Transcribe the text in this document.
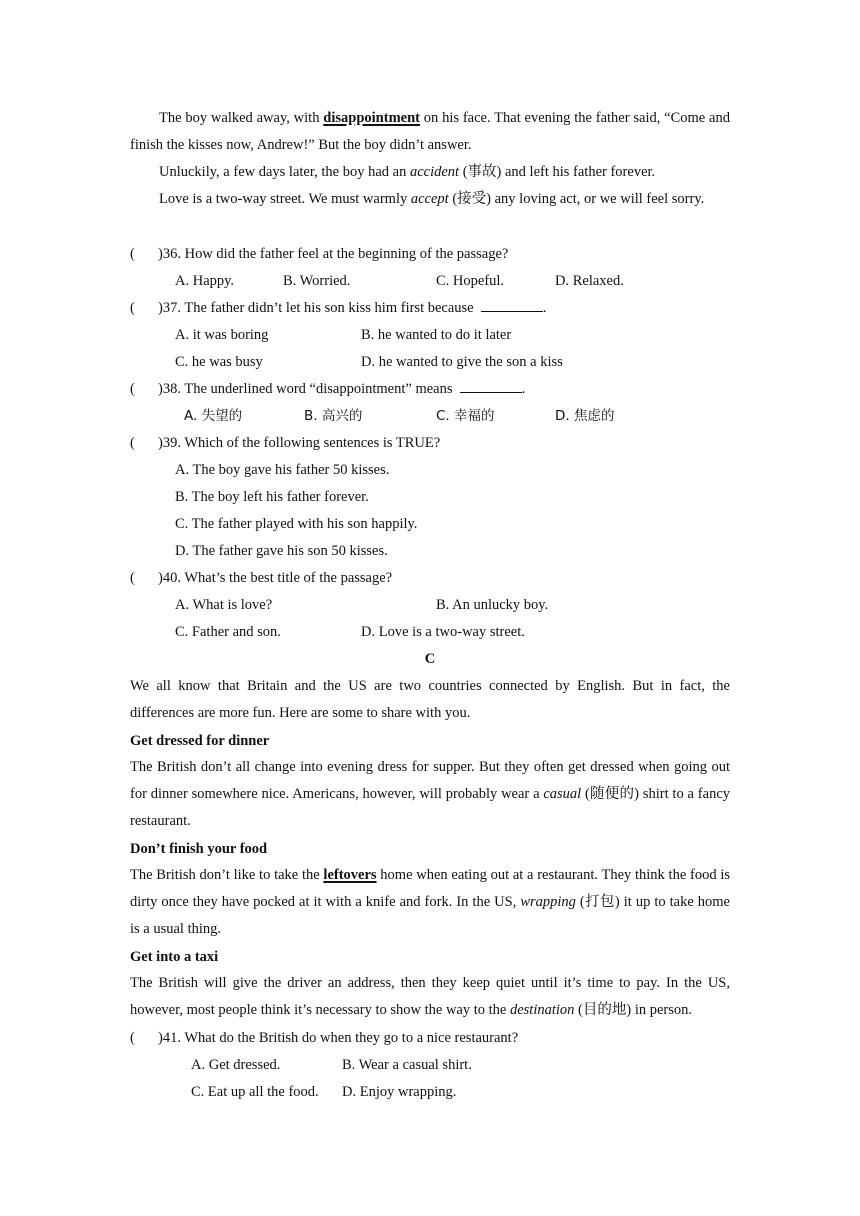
The boy walked away, with disappointment on his face. That evening the father said, “Come and finish the kisses now, Andrew!” But the boy didn’t answer.
Unluckily, a few days later, the boy had an accident (事故) and left his father forever.
Love is a two-way street. We must warmly accept (接受) any loving act, or we will feel sorry.
( )36. How did the father feel at the beginning of the passage?
A. Happy.	B. Worried.	C. Hopeful.	D. Relaxed.
( )37. The father didn’t let his son kiss him first because	.
A. it was boring	B. he wanted to do it later
C. he was busy	D. he wanted to give the son a kiss
( )38. The underlined word “disappointment” means	.
A. 失望的	B. 高兴的	C. 幸福的	D. 焦虑的
( )39. Which of the following sentences is TRUE?
A. The boy gave his father 50 kisses.
B. The boy left his father forever.
C. The father played with his son happily.
D. The father gave his son 50 kisses.
( )40. What’s the best title of the passage?
A. What is love?	B. An unlucky boy.
C. Father and son.	D. Love is a two-way street.
C
We all know that Britain and the US are two countries connected by English. But in fact, the differences are more fun. Here are some to share with you.
Get dressed for dinner
The British don’t all change into evening dress for supper. But they often get dressed when going out for dinner somewhere nice. Americans, however, will probably wear a casual (随便的) shirt to a fancy restaurant.
Don’t finish your food
The British don’t like to take the leftovers home when eating out at a restaurant. They think the food is dirty once they have pocked at it with a knife and fork. In the US, wrapping (打包) it up to take home is a usual thing.
Get into a taxi
The British will give the driver an address, then they keep quiet until it’s time to pay. In the US, however, most people think it’s necessary to show the way to the destination (目的地) in person.
( )41. What do the British do when they go to a nice restaurant?
A. Get dressed.	B. Wear a casual shirt.
C. Eat up all the food. D. Enjoy wrapping.
